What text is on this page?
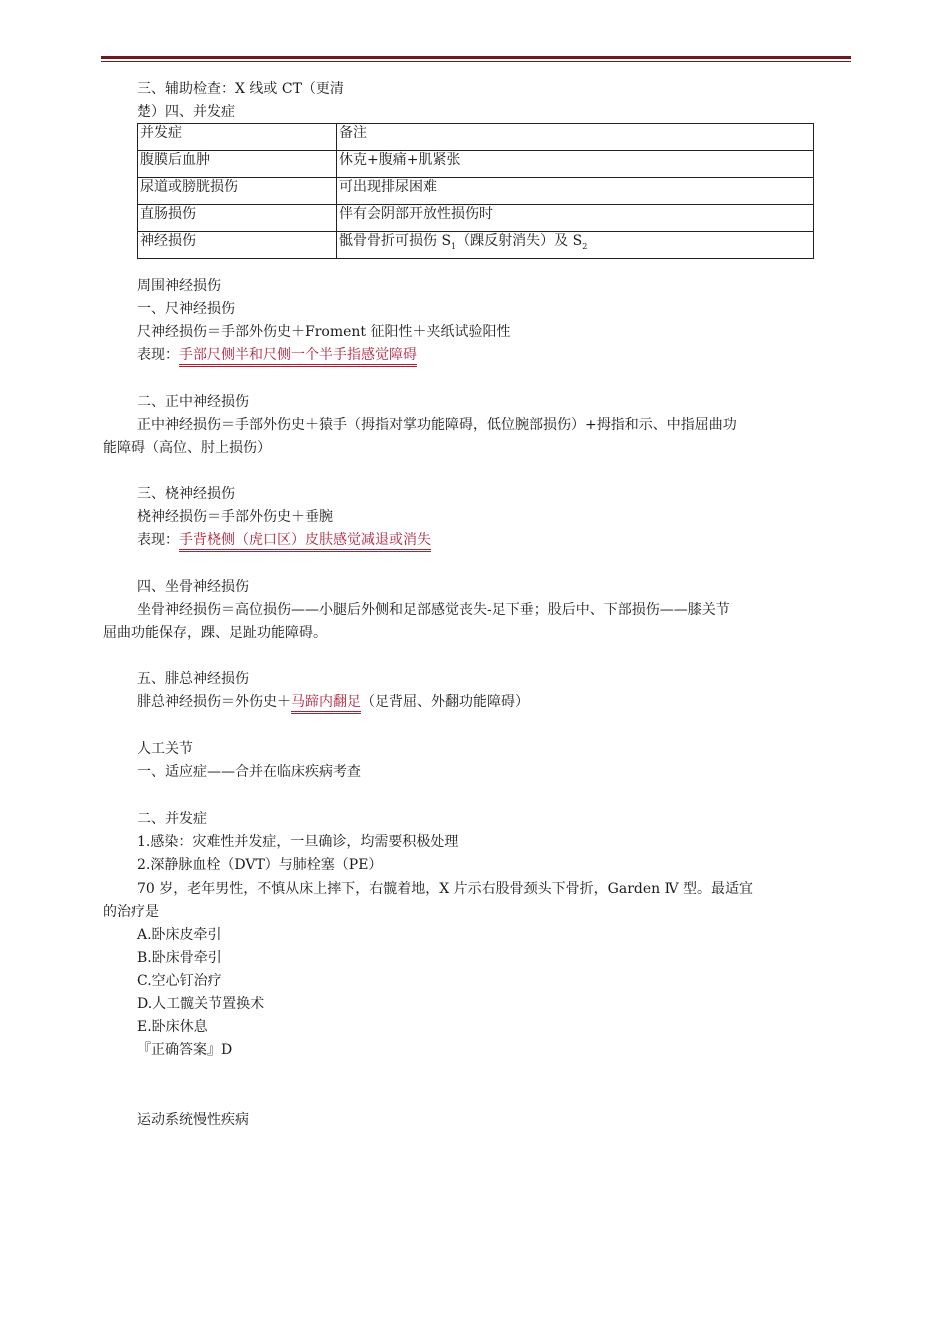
三、辅助检查：X 线或 CT（更清
楚）四、并发症
并发症	备注
腹膜后血肿	休克+腹痛+肌紧张
尿道或膀胱损伤	可出现排尿困难
直肠损伤	伴有会阴部开放性损伤时
神经损伤	骶骨骨折可损伤 $S_1$（踝反射消失）及 $S_2$
周围神经损伤
一、尺神经损伤
尺神经损伤＝手部外伤史＋Froment 征阳性＋夹纸试验阳性
表现：手部尺侧半和尺侧一个半手指感觉障碍
二、正中神经损伤
正中神经损伤＝手部外伤史＋猿手（拇指对掌功能障碍，低位腕部损伤）+拇指和示、中指屈曲功
能障碍（高位、肘上损伤）
三、桡神经损伤
桡神经损伤＝手部外伤史＋垂腕
表现：手背桡侧（虎口区）皮肤感觉减退或消失
四、坐骨神经损伤
坐骨神经损伤＝高位损伤——小腿后外侧和足部感觉丧失-足下垂；股后中、下部损伤——膝关节
屈曲功能保存，踝、足趾功能障碍。
五、腓总神经损伤
腓总神经损伤＝外伤史＋马蹄内翻足（足背屈、外翻功能障碍）
人工关节
一、适应症——合并在临床疾病考查
二、并发症
1.感染：灾难性并发症，一旦确诊，均需要积极处理
2.深静脉血栓（DVT）与肺栓塞（PE）
70 岁，老年男性，不慎从床上摔下，右髋着地，X 片示右股骨颈头下骨折，Garden Ⅳ 型。最适宜
的治疗是
A.卧床皮牵引
B.卧床骨牵引
C.空心钉治疗
D.人工髋关节置换术
E.卧床休息
『正确答案』D
运动系统慢性疾病
